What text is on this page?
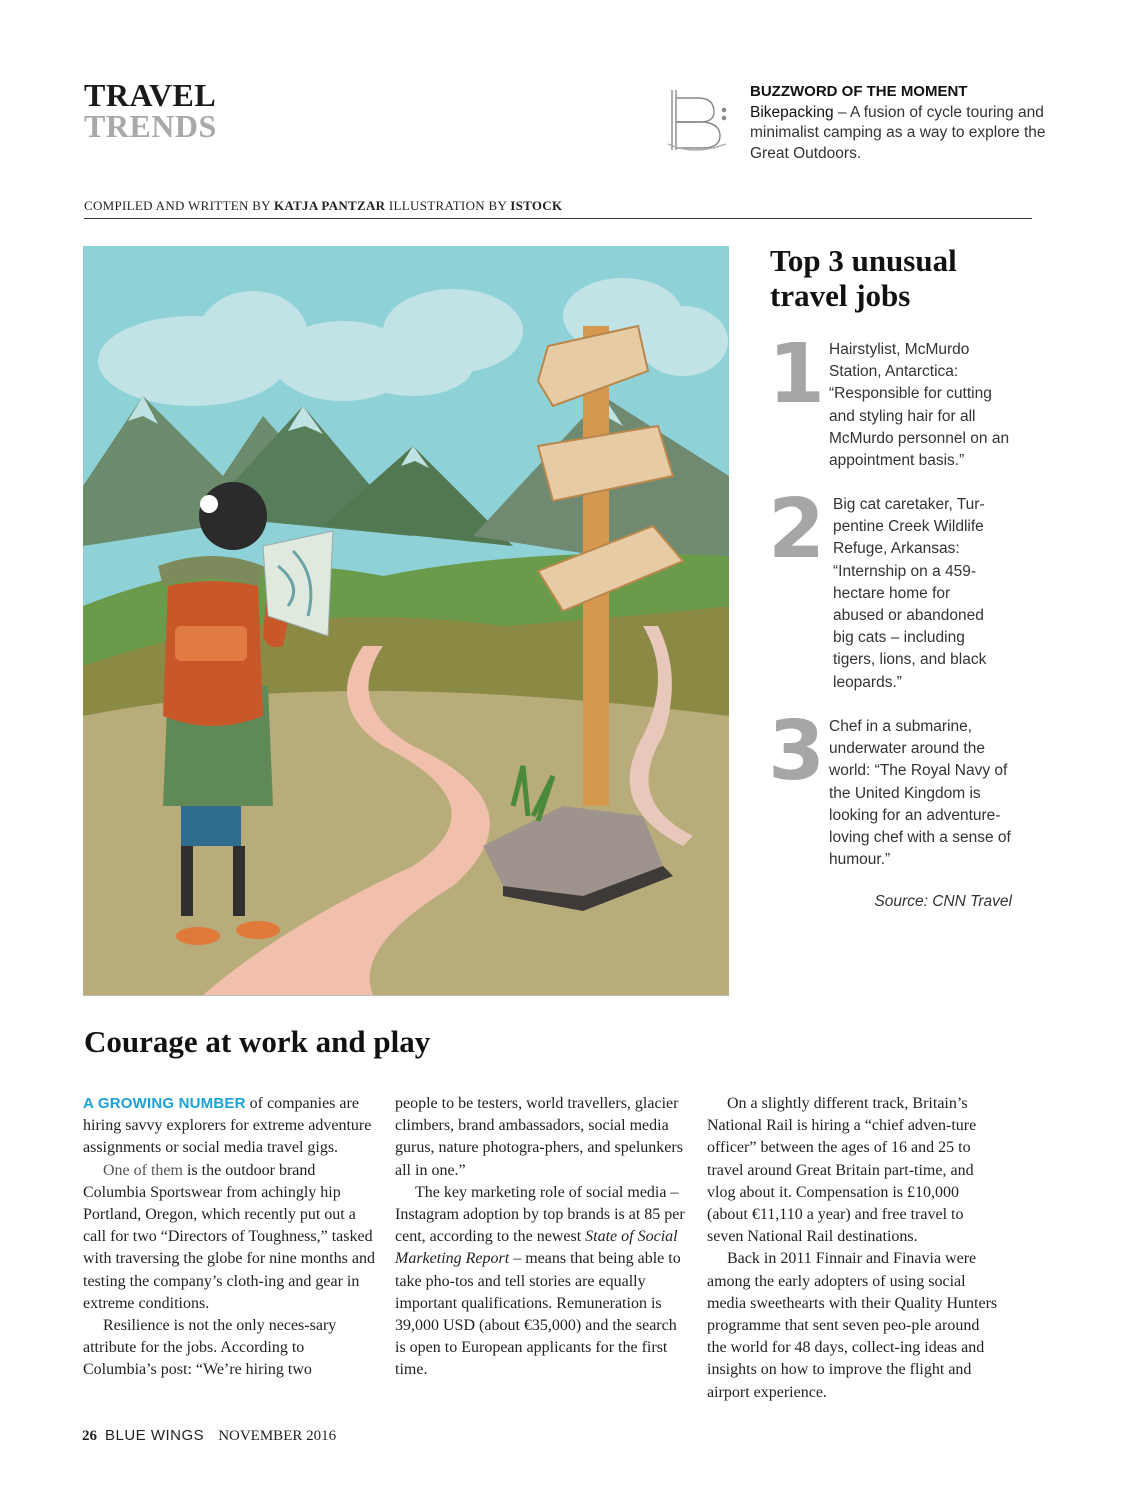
TRAVEL
TRENDS
BUZZWORD OF THE MOMENT
Bikepacking – A fusion of cycle touring and minimalist camping as a way to explore the Great Outdoors.
COMPILED AND WRITTEN BY KATJA PANTZAR ILLUSTRATION BY ISTOCK
Top 3 unusual travel jobs
1 Hairstylist, McMurdo Station, Antarctica: “Responsible for cutting and styling hair for all McMurdo personnel on an appointment basis.”
2 Big cat caretaker, Tur-pentine Creek Wildlife Refuge, Arkansas: “Internship on a 459-hectare home for abused or abandoned big cats – including tigers, lions, and black leopards.”
3 Chef in a submarine, underwater around the world: “The Royal Navy of the United Kingdom is looking for an adventure-loving chef with a sense of humour.”
Source: CNN Travel
Courage at work and play

A GROWING NUMBER of companies are hiring savvy explorers for extreme adventure assignments or social media travel gigs.

One of them is the outdoor brand Columbia Sportswear from achingly hip Portland, Oregon, which recently put out a call for two “Directors of Toughness,” tasked with traversing the globe for nine months and testing the company’s cloth-ing and gear in extreme conditions.

Resilience is not the only neces-sary attribute for the jobs. According to Columbia’s post: “We’re hiring two

people to be testers, world travellers, glacier climbers, brand ambassadors, social media gurus, nature photogra-phers, and spelunkers all in one.”

The key marketing role of social media – Instagram adoption by top brands is at 85 per cent, according to the newest State of Social Marketing Report – means that being able to take pho-tos and tell stories are equally important qualifications. Remuneration is 39,000 USD (about €35,000) and the search is open to European applicants for the first time.

On a slightly different track, Britain’s National Rail is hiring a “chief adven-ture officer” between the ages of 16 and 25 to travel around Great Britain part-time, and vlog about it. Compensation is £10,000 (about €11,110 a year) and free travel to seven National Rail destinations.

Back in 2011 Finnair and Finavia were among the early adopters of using social media sweethearts with their Quality Hunters programme that sent seven peo-ple around the world for 48 days, collect-ing ideas and insights on how to improve the flight and airport experience.

26 BLUE WINGS NOVEMBER 2016
